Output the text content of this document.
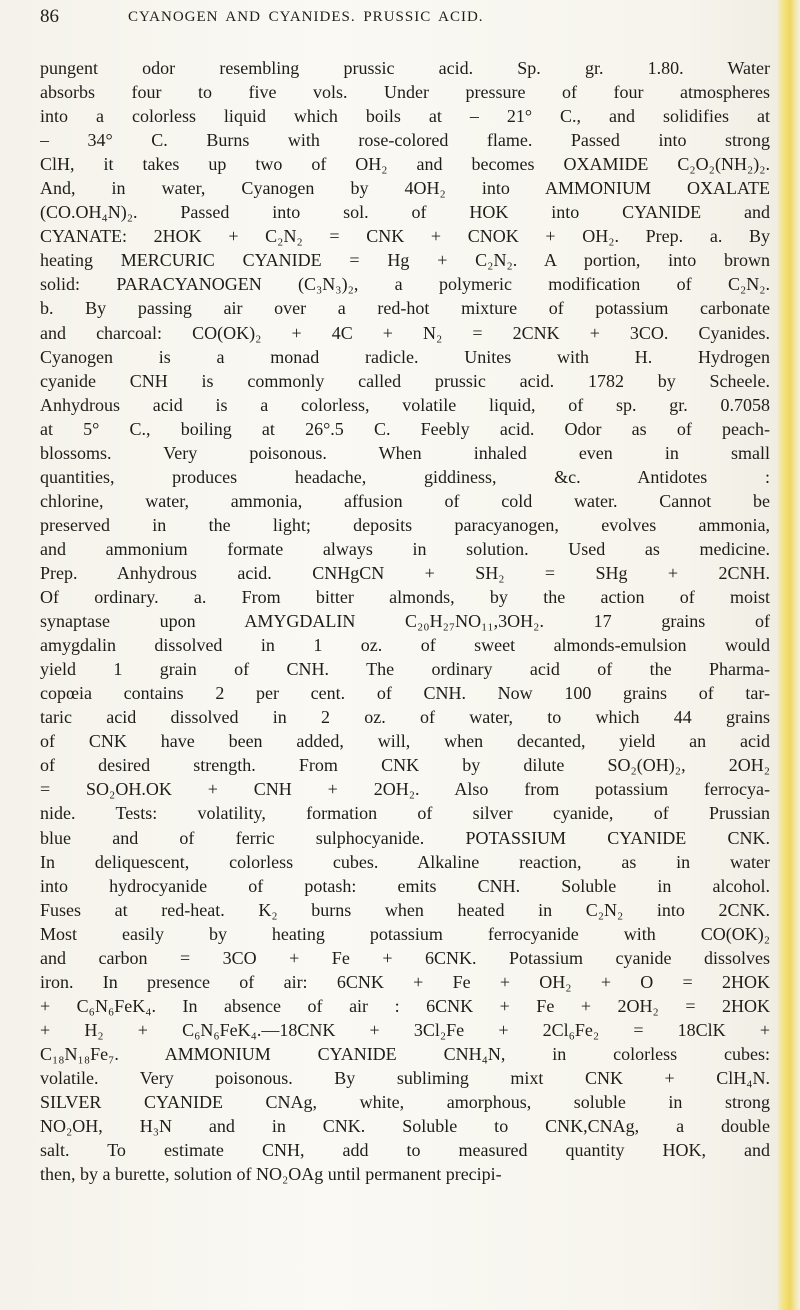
86	CYANOGEN AND CYANIDES. PRUSSIC ACID.
pungent odor resembling prussic acid. Sp. gr. 1.80. Water
absorbs four to five vols. Under pressure of four atmospheres
into a colorless liquid which boils at – 21° C., and solidifies at
– 34° C. Burns with rose-colored flame. Passed into strong
ClH, it takes up two of OH₂ and becomes OXAMIDE C₂O₂(NH₂)₂.
And, in water, Cyanogen by 4OH₂ into AMMONIUM OXALATE
(CO.OH₄N)₂. Passed into sol. of HOK into CYANIDE and
CYANATE: 2HOK + C₂N₂ = CNK + CNOK + OH₂. Prep. a. By
heating MERCURIC CYANIDE = Hg + C₂N₂. A portion, into brown
solid: PARACYANOGEN (C₃N₃)₂, a polymeric modification of C₂N₂.
b. By passing air over a red-hot mixture of potassium carbonate
and charcoal: CO(OK)₂ + 4C + N₂ = 2CNK + 3CO. Cyanides.
Cyanogen is a monad radicle. Unites with H. Hydrogen
cyanide CNH is commonly called prussic acid. 1782 by Scheele.
Anhydrous acid is a colorless, volatile liquid, of sp. gr. 0.7058
at 5° C., boiling at 26°.5 C. Feebly acid. Odor as of peach-
blossoms. Very poisonous. When inhaled even in small
quantities, produces headache, giddiness, &c. Antidotes :
chlorine, water, ammonia, affusion of cold water. Cannot be
preserved in the light; deposits paracyanogen, evolves ammonia,
and ammonium formate always in solution. Used as medicine.
Prep. Anhydrous acid. CNHgCN + SH₂ = SHg + 2CNH.
Of ordinary. a. From bitter almonds, by the action of moist
synaptase upon AMYGDALIN C₂₀H₂₇NO₁₁,3OH₂. 17 grains of
amygdalin dissolved in 1 oz. of sweet almonds-emulsion would
yield 1 grain of CNH. The ordinary acid of the Pharma-
copœia contains 2 per cent. of CNH. Now 100 grains of tar-
taric acid dissolved in 2 oz. of water, to which 44 grains
of CNK have been added, will, when decanted, yield an acid
of desired strength. From CNK by dilute SO₂(OH)₂, 2OH₂
= SO₂OH.OK + CNH + 2OH₂. Also from potassium ferrocya-
nide. Tests: volatility, formation of silver cyanide, of Prussian
blue and of ferric sulphocyanide. POTASSIUM CYANIDE CNK.
In deliquescent, colorless cubes. Alkaline reaction, as in water
into hydrocyanide of potash: emits CNH. Soluble in alcohol.
Fuses at red-heat. K₂ burns when heated in C₂N₂ into 2CNK.
Most easily by heating potassium ferrocyanide with CO(OK)₂
and carbon = 3CO + Fe + 6CNK. Potassium cyanide dissolves
iron. In presence of air: 6CNK + Fe + OH₂ + O = 2HOK
+ C₆N₆FeK₄. In absence of air : 6CNK + Fe + 2OH₂ = 2HOK
+ H₂ + C₆N₆FeK₄.—18CNK + 3Cl₂Fe + 2Cl₆Fe₂ = 18ClK +
C₁₈N₁₈Fe₇. AMMONIUM CYANIDE CNH₄N, in colorless cubes:
volatile. Very poisonous. By subliming mixt CNK + ClH₄N.
SILVER CYANIDE CNAg, white, amorphous, soluble in strong
NO₂OH, H₃N and in CNK. Soluble to CNK,CNAg, a double
salt. To estimate CNH, add to measured quantity HOK, and
then, by a burette, solution of NO₂OAg until permanent precipi-
